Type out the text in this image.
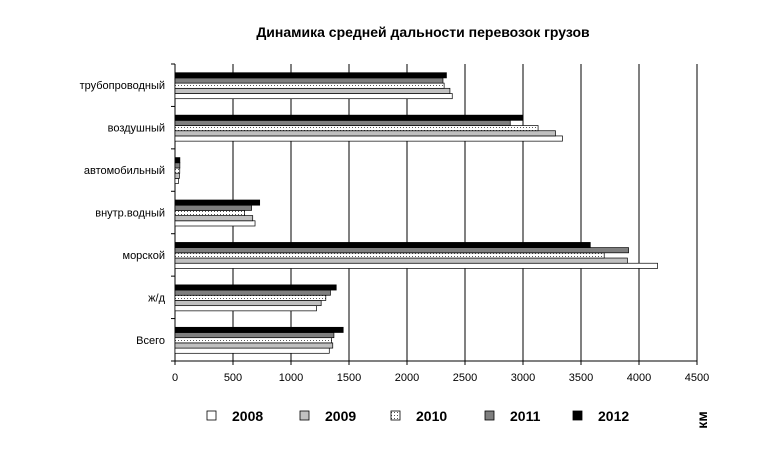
Динамика средней дальности перевозок грузов
0	500	1000	1500	2000	2500	3000	3500	4000	4500
трубопроводный
воздушный
автомобильный
внутр.водный
морской
ж/д
Всего
2008	2009	2010	2011	2012	км
